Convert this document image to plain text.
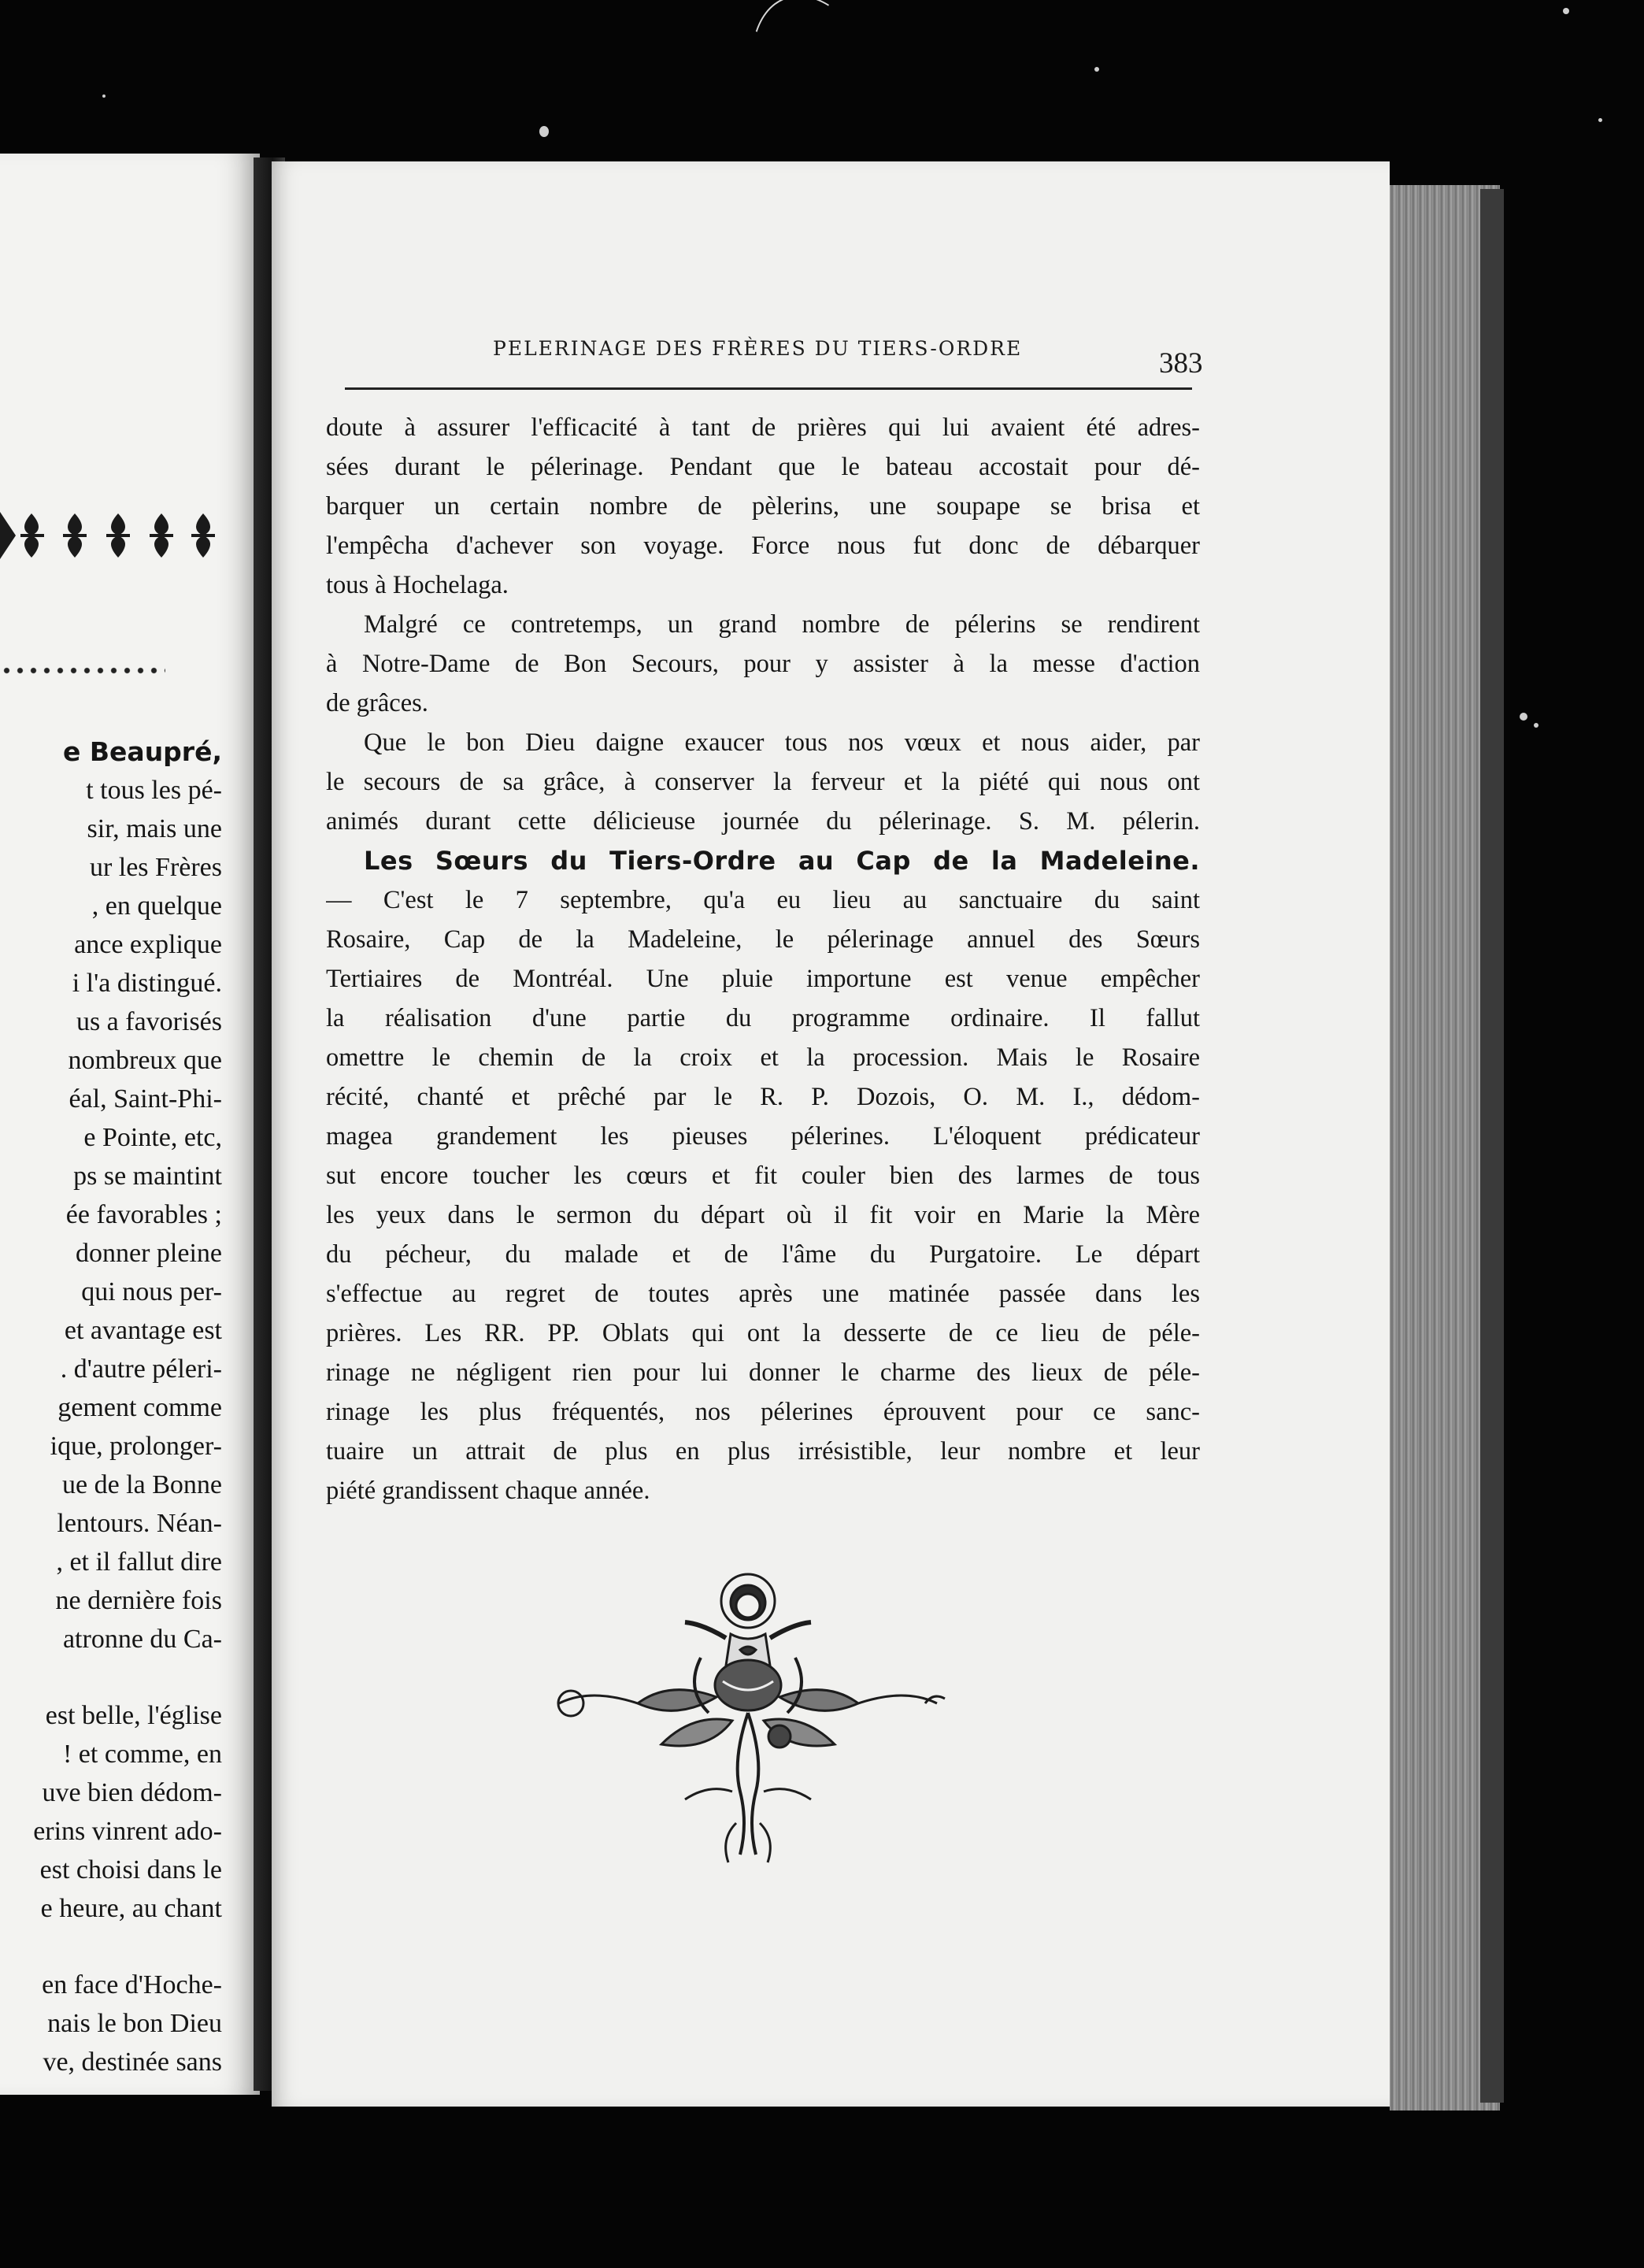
e Beaupré,
t tous les pé-
sir, mais une
ur les Frères
, en quelque
ance explique
i l'a distingué.
us a favorisés
nombreux que
éal, Saint-Phi-
e Pointe, etc,
ps se maintint
ée favorables ;
donner pleine
qui nous per-
et avantage est
. d'autre péleri-
gement comme
ique, prolonger-
ue de la Bonne
lentours. Néan-
, et il fallut dire
ne dernière fois
atronne du Ca-
est belle, l'église
! et comme, en
uve bien dédom-
erins vinrent ado-
est choisi dans le
e heure, au chant
en face d'Hoche-
nais le bon Dieu
ve, destinée sans
PELERINAGE DES FRÈRES DU TIERS-ORDRE	383
doute à assurer l'efficacité à tant de prières qui lui avaient été adres-
sées durant le pélerinage. Pendant que le bateau accostait pour dé-
barquer un certain nombre de pèlerins, une soupape se brisa et
l'empêcha d'achever son voyage. Force nous fut donc de débarquer
tous à Hochelaga.
Malgré ce contretemps, un grand nombre de pélerins se rendirent
à Notre-Dame de Bon Secours, pour y assister à la messe d'action
de grâces.
Que le bon Dieu daigne exaucer tous nos vœux et nous aider, par
le secours de sa grâce, à conserver la ferveur et la piété qui nous ont
animés durant cette délicieuse journée du pélerinage. S. M. pélerin.
Les Sœurs du Tiers-Ordre au Cap de la Madeleine.
— C'est le 7 septembre, qu'a eu lieu au sanctuaire du saint
Rosaire, Cap de la Madeleine, le pélerinage annuel des Sœurs
Tertiaires de Montréal. Une pluie importune est venue empêcher
la réalisation d'une partie du programme ordinaire. Il fallut
omettre le chemin de la croix et la procession. Mais le Rosaire
récité, chanté et prêché par le R. P. Dozois, O. M. I., dédom-
magea grandement les pieuses pélerines. L'éloquent prédicateur
sut encore toucher les cœurs et fit couler bien des larmes de tous
les yeux dans le sermon du départ où il fit voir en Marie la Mère
du pécheur, du malade et de l'âme du Purgatoire. Le départ
s'effectue au regret de toutes après une matinée passée dans les
prières. Les RR. PP. Oblats qui ont la desserte de ce lieu de péle-
rinage ne négligent rien pour lui donner le charme des lieux de péle-
rinage les plus fréquentés, nos pélerines éprouvent pour ce sanc-
tuaire un attrait de plus en plus irrésistible, leur nombre et leur
piété grandissent chaque année.
